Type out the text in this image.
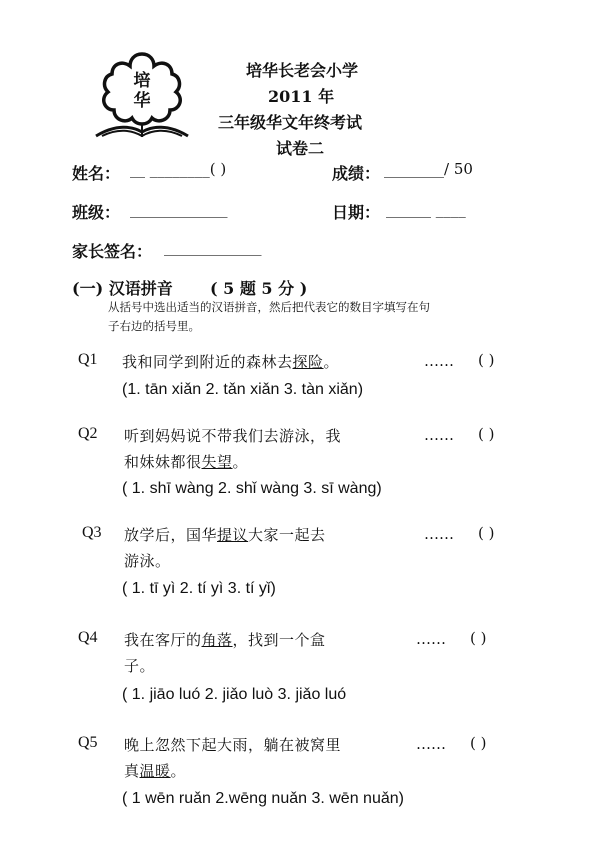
培
华
培华长老会小学
2011 年
三年级华文年终考试
试卷二
姓名： __ ________( )	成绩： ________/ 50
班级： _____________	日期： ______ ____
家长签名： _____________
(一) 汉语拼音 ( 5 题 5 分 )
从括号中选出适当的汉语拼音，然后把代表它的数目字填写在句
子右边的括号里。
Q1 我和同学到附近的森林去探险。	…… ( )
(1. tān xiǎn 2. tǎn xiǎn 3. tàn xiǎn)
Q2 听到妈妈说不带我们去游泳，我
和妹妹都很失望。
…… ( )
( 1. shī wàng 2. shǐ wàng 3. sī wàng)
Q3 放学后，国华提议大家一起去
游泳。
…… ( )
( 1. tī yì 2. tí yì 3. tí yǐ)
Q4 我在客厅的角落，找到一个盒
子。
…… ( )
( 1. jiāo luó 2. jiǎo luò 3. jiǎo luó
Q5 晚上忽然下起大雨，躺在被窝里
真温暖。
…… ( )
( 1 wēn ruǎn 2.wēng nuǎn 3. wēn nuǎn)
